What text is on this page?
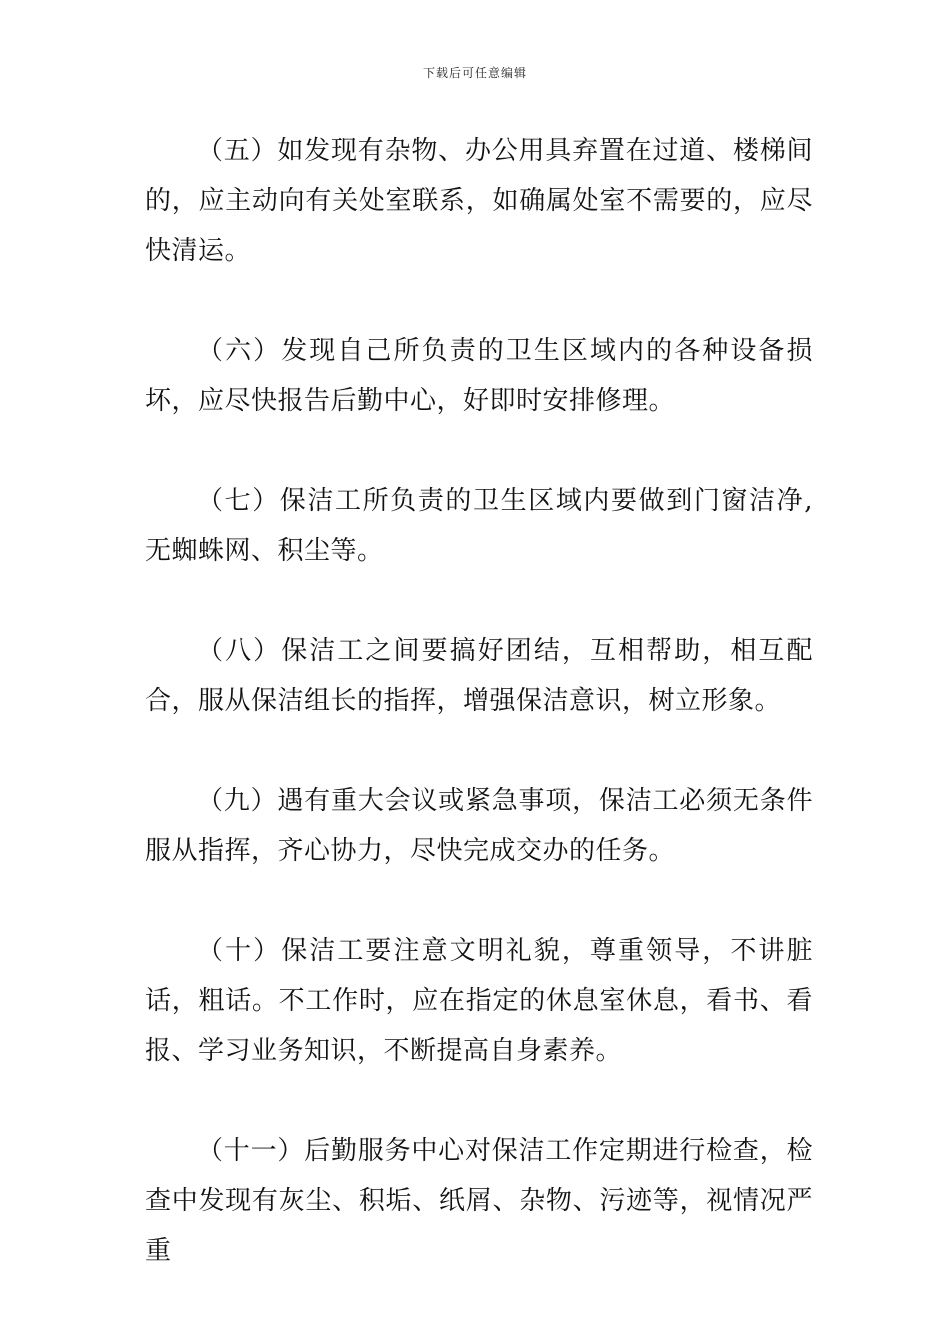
下载后可任意编辑

（五）如发现有杂物、办公用具弃置在过道、楼梯间的，应主动向有关处室联系，如确属处室不需要的，应尽快清运。

（六）发现自己所负责的卫生区域内的各种设备损坏，应尽快报告后勤中心，好即时安排修理。

（七）保洁工所负责的卫生区域内要做到门窗洁净,无蜘蛛网、积尘等。

（八）保洁工之间要搞好团结，互相帮助，相互配合，服从保洁组长的指挥，增强保洁意识，树立形象。

（九）遇有重大会议或紧急事项，保洁工必须无条件服从指挥，齐心协力，尽快完成交办的任务。

（十）保洁工要注意文明礼貌，尊重领导，不讲脏话，粗话。不工作时，应在指定的休息室休息，看书、看报、学习业务知识，不断提高自身素养。

（十一）后勤服务中心对保洁工作定期进行检查，检查中发现有灰尘、积垢、纸屑、杂物、污迹等，视情况严重
